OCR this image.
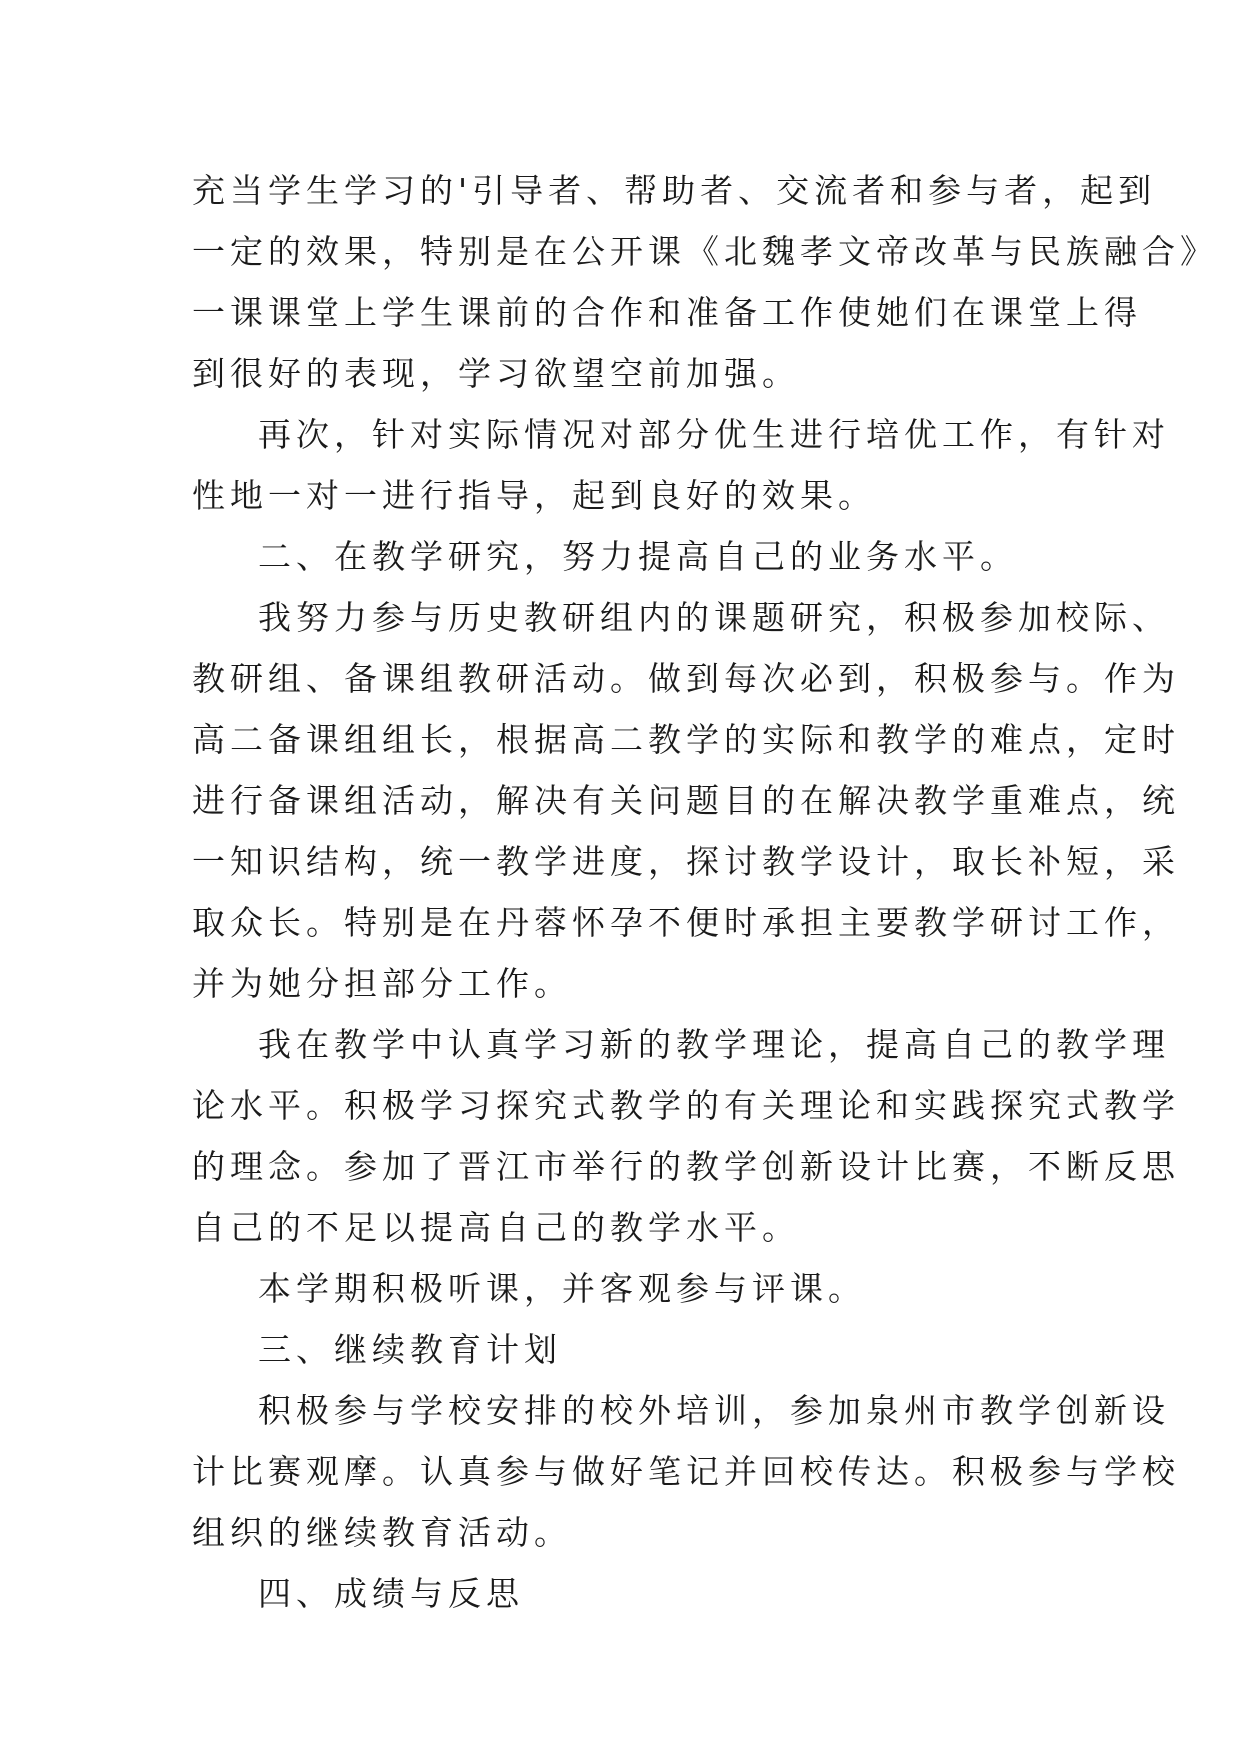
充当学生学习的'引导者、帮助者、交流者和参与者，起到

一定的效果，特别是在公开课《北魏孝文帝改革与民族融合》

一课课堂上学生课前的合作和准备工作使她们在课堂上得

到很好的表现，学习欲望空前加强。

再次，针对实际情况对部分优生进行培优工作，有针对

性地一对一进行指导，起到良好的效果。

二、在教学研究，努力提高自己的业务水平。

我努力参与历史教研组内的课题研究，积极参加校际、

教研组、备课组教研活动。做到每次必到，积极参与。作为

高二备课组组长，根据高二教学的实际和教学的难点，定时

进行备课组活动，解决有关问题目的在解决教学重难点，统

一知识结构，统一教学进度，探讨教学设计，取长补短，采

取众长。特别是在丹蓉怀孕不便时承担主要教学研讨工作，

并为她分担部分工作。

我在教学中认真学习新的教学理论，提高自己的教学理

论水平。积极学习探究式教学的有关理论和实践探究式教学

的理念。参加了晋江市举行的教学创新设计比赛，不断反思

自己的不足以提高自己的教学水平。

本学期积极听课，并客观参与评课。

三、继续教育计划

积极参与学校安排的校外培训，参加泉州市教学创新设

计比赛观摩。认真参与做好笔记并回校传达。积极参与学校

组织的继续教育活动。

四、成绩与反思
